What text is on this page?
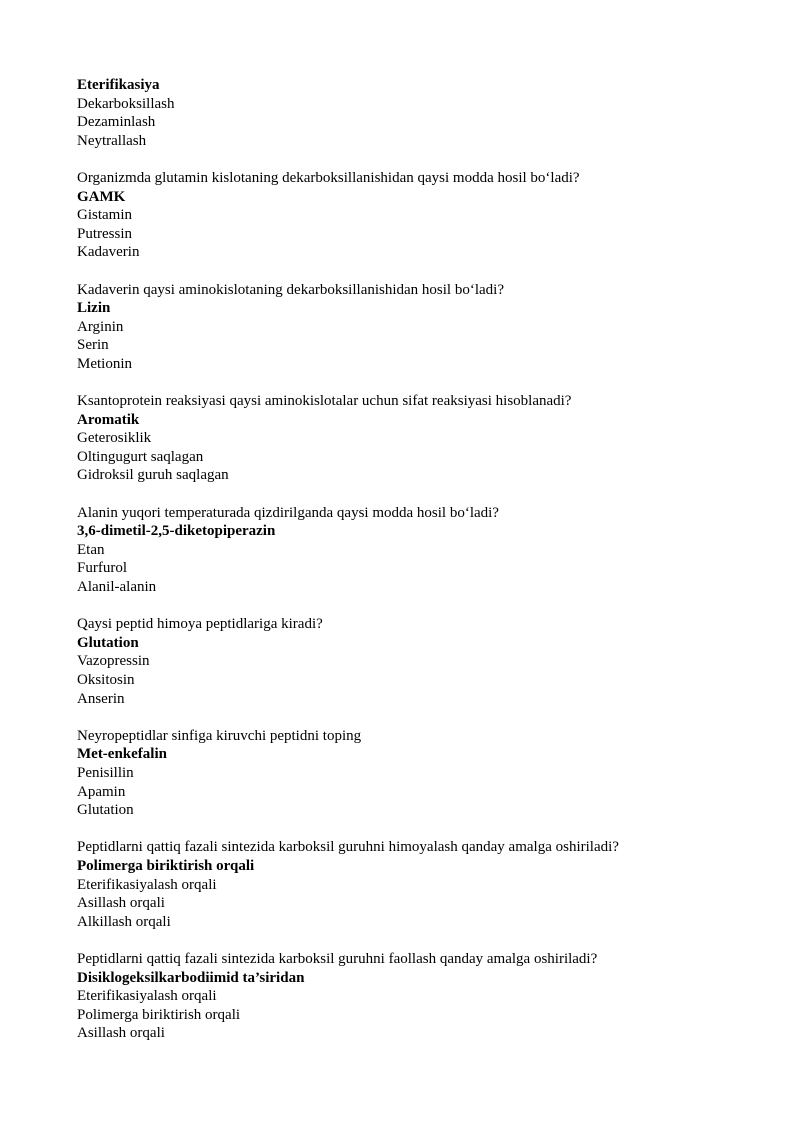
Eterifikasiya
Dekarboksillash
Dezaminlash
Neytrallash
Organizmda glutamin kislotaning dekarboksillanishidan qaysi modda hosil bo‘ladi?
GAMK
Gistamin
Putressin
Kadaverin
Kadaverin qaysi aminokislotaning dekarboksillanishidan hosil bo‘ladi?
Lizin
Arginin
Serin
Metionin
Ksantoprotein reaksiyasi qaysi aminokislotalar uchun sifat reaksiyasi hisoblanadi?
Aromatik
Geterosiklik
Oltingugurt saqlagan
Gidroksil guruh saqlagan
Alanin yuqori temperaturada qizdirilganda qaysi modda hosil bo‘ladi?
3,6-dimetil-2,5-diketopiperazin
Etan
Furfurol
Alanil-alanin
Qaysi peptid himoya peptidlariga kiradi?
Glutation
Vazopressin
Oksitosin
Anserin
Neyropeptidlar sinfiga kiruvchi peptidni toping
Met-enkefalin
Penisillin
Apamin
Glutation
Peptidlarni qattiq fazali sintezida karboksil guruhni himoyalash qanday amalga oshiriladi?
Polimerga biriktirish orqali
Eterifikasiyalash orqali
Asillash orqali
Alkillash orqali
Peptidlarni qattiq fazali sintezida karboksil guruhni faollash qanday amalga oshiriladi?
Disiklogeksilkarbodiimid ta’siridan
Eterifikasiyalash orqali
Polimerga biriktirish orqali
Asillash orqali
